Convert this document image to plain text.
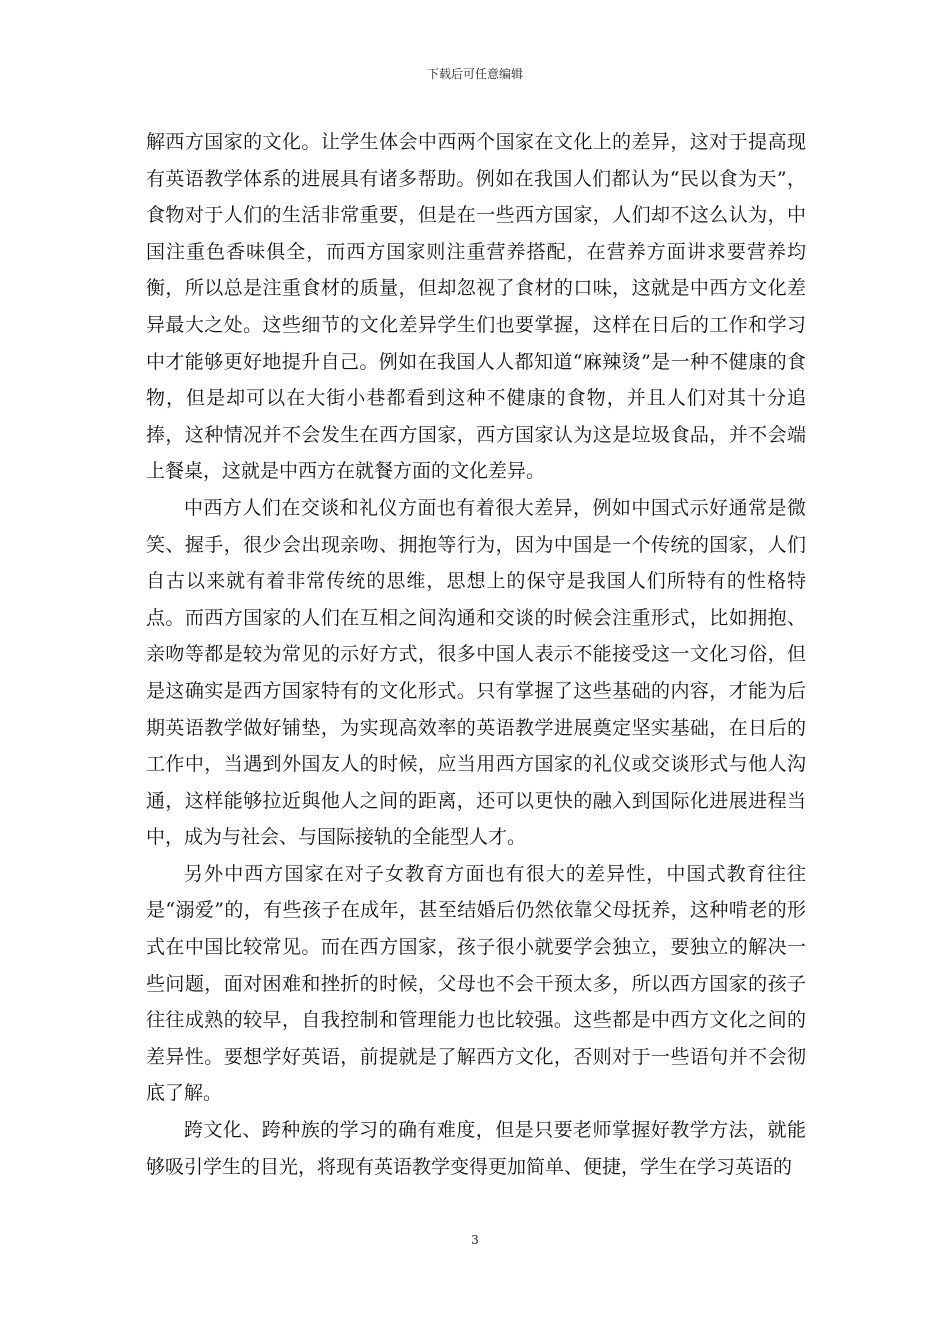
下载后可任意编辑

解西方国家的文化。让学生体会中西两个国家在文化上的差异，这对于提高现有英语教学体系的进展具有诸多帮助。例如在我国人们都认为“民以食为天”，食物对于人们的生活非常重要，但是在一些西方国家，人们却不这么认为，中国注重色香味俱全，而西方国家则注重营养搭配，在营养方面讲求要营养均衡，所以总是注重食材的质量，但却忽视了食材的口味，这就是中西方文化差异最大之处。这些细节的文化差异学生们也要掌握，这样在日后的工作和学习中才能够更好地提升自己。例如在我国人人都知道“麻辣烫”是一种不健康的食物，但是却可以在大街小巷都看到这种不健康的食物，并且人们对其十分追捧，这种情况并不会发生在西方国家，西方国家认为这是垃圾食品，并不会端上餐桌，这就是中西方在就餐方面的文化差异。

中西方人们在交谈和礼仪方面也有着很大差异，例如中国式示好通常是微笑、握手，很少会出现亲吻、拥抱等行为，因为中国是一个传统的国家，人们自古以来就有着非常传统的思维，思想上的保守是我国人们所特有的性格特点。而西方国家的人们在互相之间沟通和交谈的时候会注重形式，比如拥抱、亲吻等都是较为常见的示好方式，很多中国人表示不能接受这一文化习俗，但是这确实是西方国家特有的文化形式。只有掌握了这些基础的内容，才能为后期英语教学做好铺垫，为实现高效率的英语教学进展奠定坚实基础，在日后的工作中，当遇到外国友人的时候，应当用西方国家的礼仪或交谈形式与他人沟通，这样能够拉近與他人之间的距离，还可以更快的融入到国际化进展进程当中，成为与社会、与国际接轨的全能型人才。

另外中西方国家在对子女教育方面也有很大的差异性，中国式教育往往是“溺爱”的，有些孩子在成年，甚至结婚后仍然依靠父母抚养，这种啃老的形式在中国比较常见。而在西方国家，孩子很小就要学会独立，要独立的解决一些问题，面对困难和挫折的时候，父母也不会干预太多，所以西方国家的孩子往往成熟的较早，自我控制和管理能力也比较强。这些都是中西方文化之间的差异性。要想学好英语，前提就是了解西方文化，否则对于一些语句并不会彻底了解。

跨文化、跨种族的学习的确有难度，但是只要老师掌握好教学方法，就能够吸引学生的目光，将现有英语教学变得更加简单、便捷，学生在学习英语的

3
